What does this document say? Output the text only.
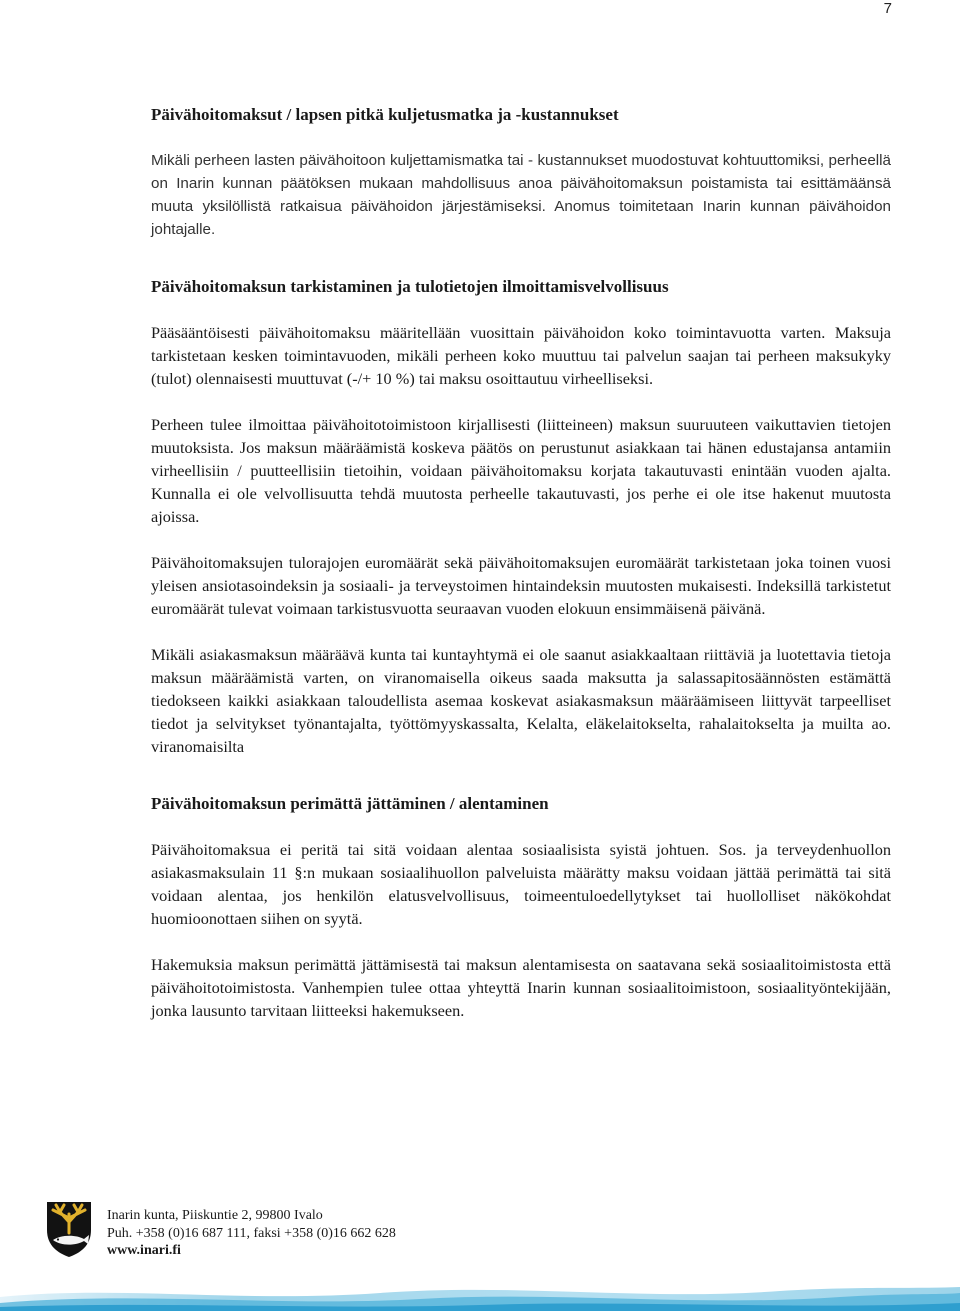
7

Päivähoitomaksut / lapsen pitkä kuljetusmatka ja -kustannukset

Mikäli perheen lasten päivähoitoon kuljettamismatka tai - kustannukset muodostuvat kohtuuttomiksi, perheellä on Inarin kunnan päätöksen mukaan mahdollisuus anoa päivähoitomaksun poistamista tai esittämäänsä muuta yksilöllistä ratkaisua päivähoidon järjestämiseksi. Anomus toimitetaan Inarin kunnan päivähoidon johtajalle.

Päivähoitomaksun tarkistaminen ja tulotietojen ilmoittamisvelvollisuus

Pääsääntöisesti päivähoitomaksu määritellään vuosittain päivähoidon koko toimintavuotta varten. Maksuja tarkistetaan kesken toimintavuoden, mikäli perheen koko muuttuu tai palvelun saajan tai perheen maksukyky (tulot) olennaisesti muuttuvat (-/+ 10 %) tai maksu osoittautuu virheelliseksi.

Perheen tulee ilmoittaa päivähoitotoimistoon kirjallisesti (liitteineen) maksun suuruuteen vaikuttavien tietojen muutoksista. Jos maksun määräämistä koskeva päätös on perustunut asiakkaan tai hänen edustajansa antamiin virheellisiin / puutteellisiin tietoihin, voidaan päivähoitomaksu korjata takautuvasti enintään vuoden ajalta. Kunnalla ei ole velvollisuutta tehdä muutosta perheelle takautuvasti, jos perhe ei ole itse hakenut muutosta ajoissa.

Päivähoitomaksujen tulorajojen euromäärät sekä päivähoitomaksujen euromäärät tarkistetaan joka toinen vuosi yleisen ansiotasoindeksin ja sosiaali- ja terveystoimen hintaindeksin muutosten mukaisesti. Indeksillä tarkistetut euromäärät tulevat voimaan tarkistusvuotta seuraavan vuoden elokuun ensimmäisenä päivänä.

Mikäli asiakasmaksun määräävä kunta tai kuntayhtymä ei ole saanut asiakkaaltaan riittäviä ja luotettavia tietoja maksun määräämistä varten, on viranomaisella oikeus saada maksutta ja salassapitosäännösten estämättä tiedokseen kaikki asiakkaan taloudellista asemaa koskevat asiakasmaksun määräämiseen liittyvät tarpeelliset tiedot ja selvitykset työnantajalta, työttömyyskassalta, Kelalta, eläkelaitokselta, rahalaitokselta ja muilta ao. viranomaisilta

Päivähoitomaksun perimättä jättäminen / alentaminen

Päivähoitomaksua ei peritä tai sitä voidaan alentaa sosiaalisista syistä johtuen. Sos. ja terveydenhuollon asiakasmaksulain 11 §:n mukaan sosiaalihuollon palveluista määrätty maksu voidaan jättää perimättä tai sitä voidaan alentaa, jos henkilön elatusvelvollisuus, toimeentuloedellytykset tai huollolliset näkökohdat huomioonottaen siihen on syytä.

Hakemuksia maksun perimättä jättämisestä tai maksun alentamisesta on saatavana sekä sosiaalitoimistosta että päivähoitotoimistosta. Vanhempien tulee ottaa yhteyttä Inarin kunnan sosiaalitoimistoon, sosiaalityöntekijään, jonka lausunto tarvitaan liitteeksi hakemukseen.

Inarin kunta, Piiskuntie 2, 99800 Ivalo
Puh. +358 (0)16 687 111, faksi +358 (0)16 662 628
www.inari.fi
